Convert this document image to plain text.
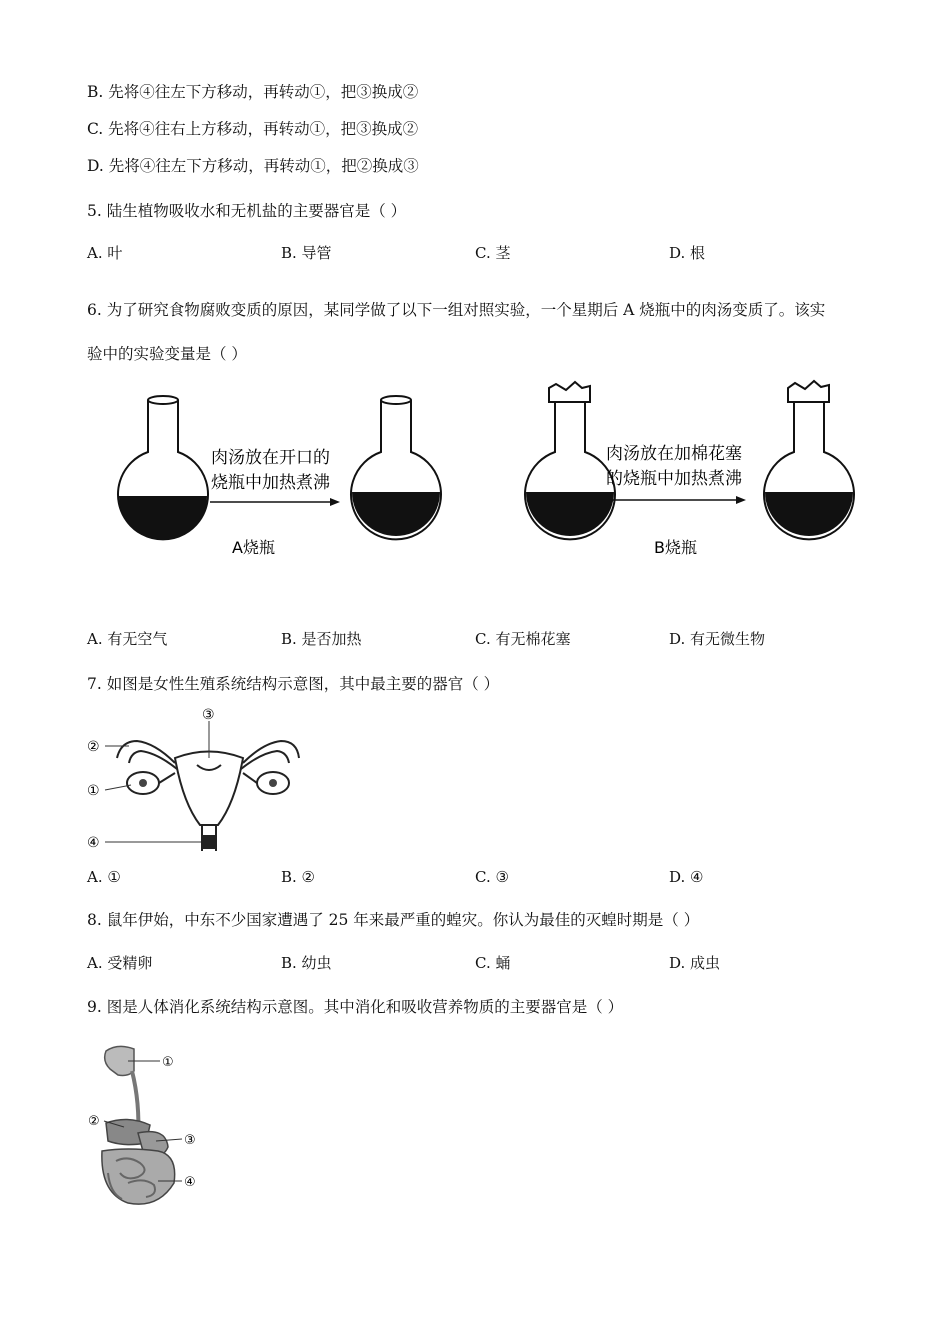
B. 先将④往左下方移动，再转动①，把③换成②
C. 先将④往右上方移动，再转动①，把③换成②
D. 先将④往左下方移动，再转动①，把②换成③
5. 陆生植物吸收水和无机盐的主要器官是（ ）
A. 叶	B. 导管	C. 茎	D. 根
6. 为了研究食物腐败变质的原因，某同学做了以下一组对照实验，一个星期后 A 烧瓶中的肉汤变质了。该实
验中的实验变量是（ ）
肉汤放在开口的
烧瓶中加热煮沸
A烧瓶
肉汤放在加棉花塞
的烧瓶中加热煮沸
B烧瓶
A. 有无空气	B. 是否加热	C. 有无棉花塞	D. 有无微生物
7. 如图是女性生殖系统结构示意图，其中最主要的器官（ ）
③
②
①
④
A. ①	B. ②	C. ③	D. ④
8. 鼠年伊始，中东不少国家遭遇了 25 年来最严重的蝗灾。你认为最佳的灭蝗时期是（ ）
A. 受精卵	B. 幼虫	C. 蛹	D. 成虫
9. 图是人体消化系统结构示意图。其中消化和吸收营养物质的主要器官是（ ）
①
②
③
④
